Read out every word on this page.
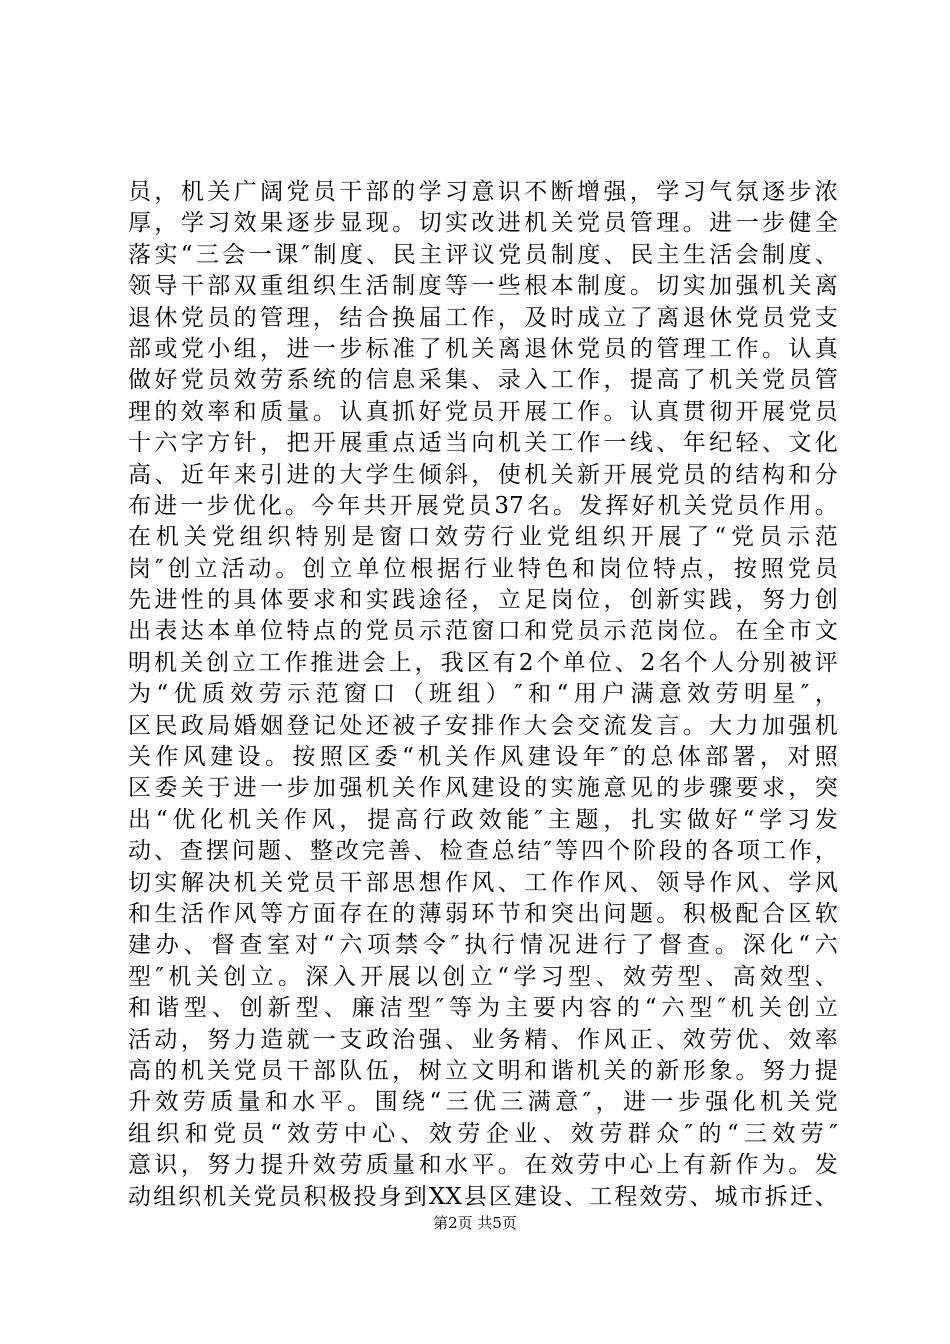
员，机关广阔党员干部的学习意识不断增强，学习气氛逐步浓
厚，学习效果逐步显现。切实改进机关党员管理。进一步健全
落实“三会一课″制度、民主评议党员制度、民主生活会制度、
领导干部双重组织生活制度等一些根本制度。切实加强机关离
退休党员的管理，结合换届工作，及时成立了离退休党员党支
部或党小组，进一步标准了机关离退休党员的管理工作。认真
做好党员效劳系统的信息采集、录入工作，提高了机关党员管
理的效率和质量。认真抓好党员开展工作。认真贯彻开展党员
十六字方针，把开展重点适当向机关工作一线、年纪轻、文化
高、近年来引进的大学生倾斜，使机关新开展党员的结构和分
布进一步优化。今年共开展党员37名。发挥好机关党员作用。
在机关党组织特别是窗口效劳行业党组织开展了“党员示范
岗″创立活动。创立单位根据行业特色和岗位特点，按照党员
先进性的具体要求和实践途径，立足岗位，创新实践，努力创
出表达本单位特点的党员示范窗口和党员示范岗位。在全市文
明机关创立工作推进会上，我区有2个单位、2名个人分别被评
为“优质效劳示范窗口（班组）″和“用户满意效劳明星″，
区民政局婚姻登记处还被子安排作大会交流发言。大力加强机
关作风建设。按照区委“机关作风建设年″的总体部署，对照
区委关于进一步加强机关作风建设的实施意见的步骤要求，突
出“优化机关作风，提高行政效能″主题，扎实做好“学习发
动、查摆问题、整改完善、检查总结″等四个阶段的各项工作，
切实解决机关党员干部思想作风、工作作风、领导作风、学风
和生活作风等方面存在的薄弱环节和突出问题。积极配合区软
建办、督查室对“六项禁令″执行情况进行了督查。深化“六
型″机关创立。深入开展以创立“学习型、效劳型、高效型、
和谐型、创新型、廉洁型″等为主要内容的“六型″机关创立
活动，努力造就一支政治强、业务精、作风正、效劳优、效率
高的机关党员干部队伍，树立文明和谐机关的新形象。努力提
升效劳质量和水平。围绕“三优三满意″，进一步强化机关党
组织和党员“效劳中心、效劳企业、效劳群众″的“三效劳″
意识，努力提升效劳质量和水平。在效劳中心上有新作为。发
动组织机关党员积极投身到XX县区建设、工程效劳、城市拆迁、
第2页 共5页
